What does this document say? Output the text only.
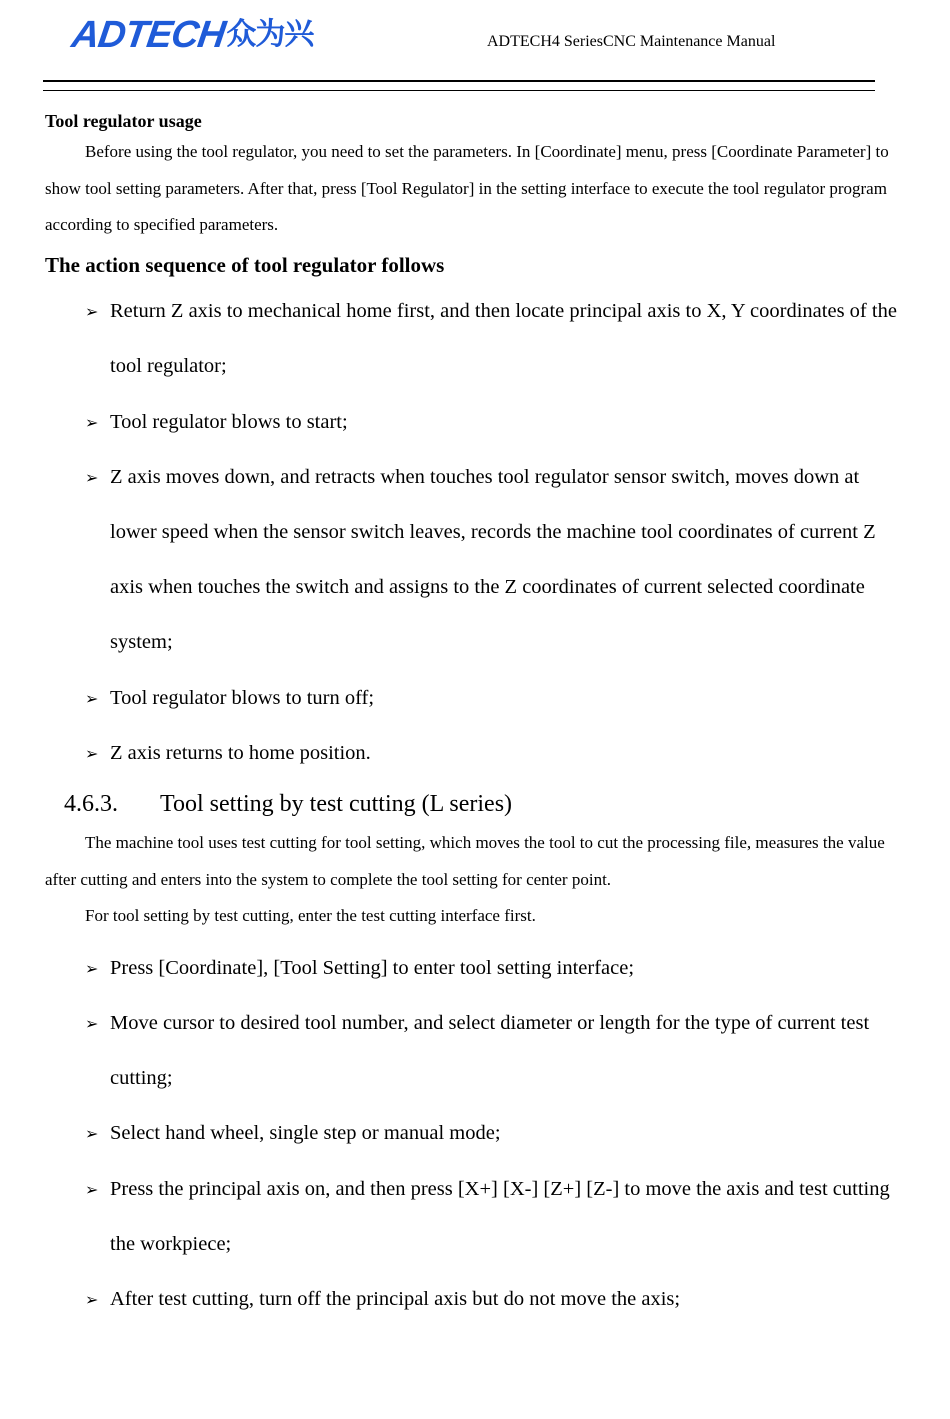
ADTECH 众为兴	ADTECH4 SeriesCNC Maintenance Manual

Tool regulator usage

Before using the tool regulator, you need to set the parameters. In [Coordinate] menu, press [Coordinate Parameter] to show tool setting parameters. After that, press [Tool Regulator] in the setting interface to execute the tool regulator program according to specified parameters.

The action sequence of tool regulator follows

➢ Return Z axis to mechanical home first, and then locate principal axis to X, Y coordinates of the tool regulator;
➢ Tool regulator blows to start;
➢ Z axis moves down, and retracts when touches tool regulator sensor switch, moves down at lower speed when the sensor switch leaves, records the machine tool coordinates of current Z axis when touches the switch and assigns to the Z coordinates of current selected coordinate system;
➢ Tool regulator blows to turn off;
➢ Z axis returns to home position.
4.6.3.	Tool setting by test cutting (L series)

The machine tool uses test cutting for tool setting, which moves the tool to cut the processing file, measures the value after cutting and enters into the system to complete the tool setting for center point.

For tool setting by test cutting, enter the test cutting interface first.

➢ Press [Coordinate], [Tool Setting] to enter tool setting interface;
➢ Move cursor to desired tool number, and select diameter or length for the type of current test cutting;
➢ Select hand wheel, single step or manual mode;
➢ Press the principal axis on, and then press [X+] [X-] [Z+] [Z-] to move the axis and test cutting the workpiece;
➢ After test cutting, turn off the principal axis but do not move the axis;
